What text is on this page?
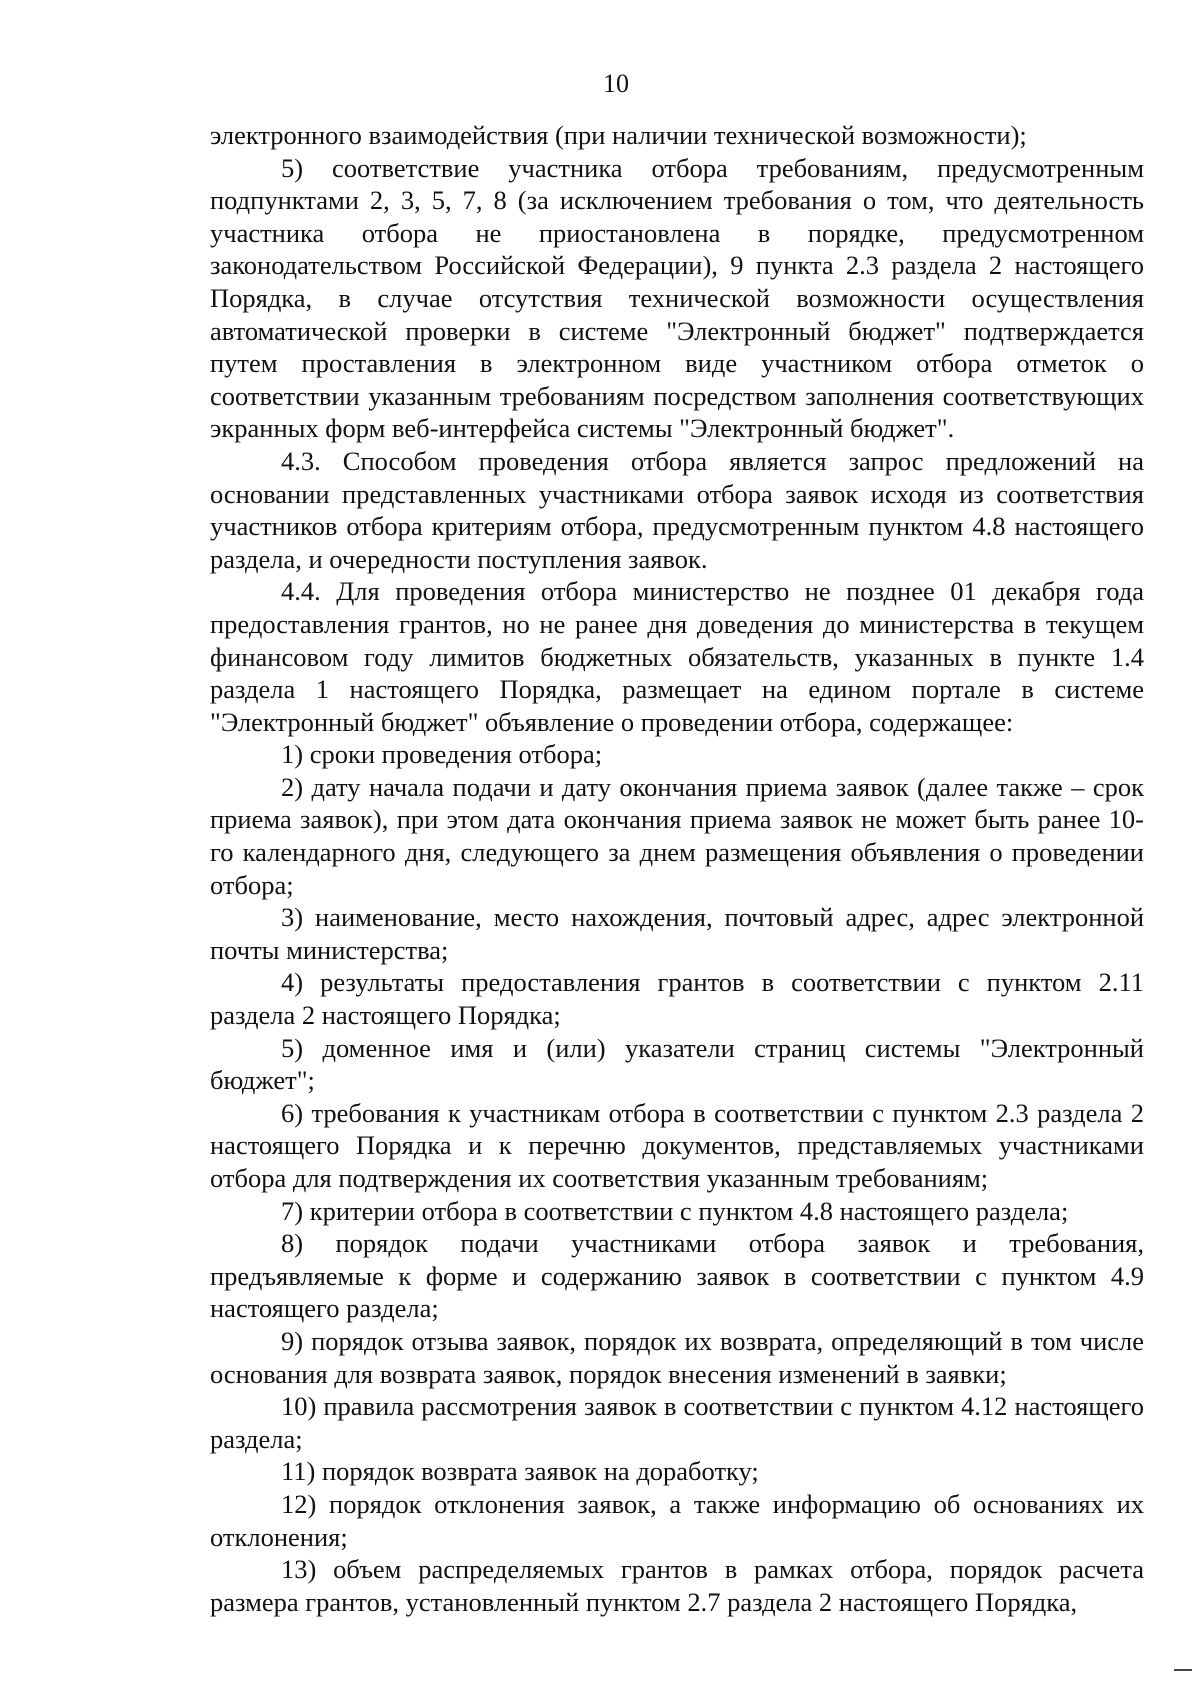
10

электронного взаимодействия (при наличии технической возможности);

5) соответствие участника отбора требованиям, предусмотренным подпунктами 2, 3, 5, 7, 8 (за исключением требования о том, что деятельность участника отбора не приостановлена в порядке, предусмотренном законодательством Российской Федерации), 9 пункта 2.3 раздела 2 настоящего Порядка, в случае отсутствия технической возможности осуществления автоматической проверки в системе "Электронный бюджет" подтверждается путем проставления в электронном виде участником отбора отметок о соответствии указанным требованиям посредством заполнения соответствующих экранных форм веб-интерфейса системы "Электронный бюджет".

4.3. Способом проведения отбора является запрос предложений на основании представленных участниками отбора заявок исходя из соответствия участников отбора критериям отбора, предусмотренным пунктом 4.8 настоящего раздела, и очередности поступления заявок.

4.4. Для проведения отбора министерство не позднее 01 декабря года предоставления грантов, но не ранее дня доведения до министерства в текущем финансовом году лимитов бюджетных обязательств, указанных в пункте 1.4 раздела 1 настоящего Порядка, размещает на едином портале в системе "Электронный бюджет" объявление о проведении отбора, содержащее:

1) сроки проведения отбора;

2) дату начала подачи и дату окончания приема заявок (далее также – срок приема заявок), при этом дата окончания приема заявок не может быть ранее 10-го календарного дня, следующего за днем размещения объявления о проведении отбора;

3) наименование, место нахождения, почтовый адрес, адрес электронной почты министерства;

4) результаты предоставления грантов в соответствии с пунктом 2.11 раздела 2 настоящего Порядка;

5) доменное имя и (или) указатели страниц системы "Электронный бюджет";

6) требования к участникам отбора в соответствии с пунктом 2.3 раздела 2 настоящего Порядка и к перечню документов, представляемых участниками отбора для подтверждения их соответствия указанным требованиям;

7) критерии отбора в соответствии с пунктом 4.8 настоящего раздела;

8) порядок подачи участниками отбора заявок и требования, предъявляемые к форме и содержанию заявок в соответствии с пунктом 4.9 настоящего раздела;

9) порядок отзыва заявок, порядок их возврата, определяющий в том числе основания для возврата заявок, порядок внесения изменений в заявки;

10) правила рассмотрения заявок в соответствии с пунктом 4.12 настоящего раздела;

11) порядок возврата заявок на доработку;

12) порядок отклонения заявок, а также информацию об основаниях их отклонения;

13) объем распределяемых грантов в рамках отбора, порядок расчета размера грантов, установленный пунктом 2.7 раздела 2 настоящего Порядка,
